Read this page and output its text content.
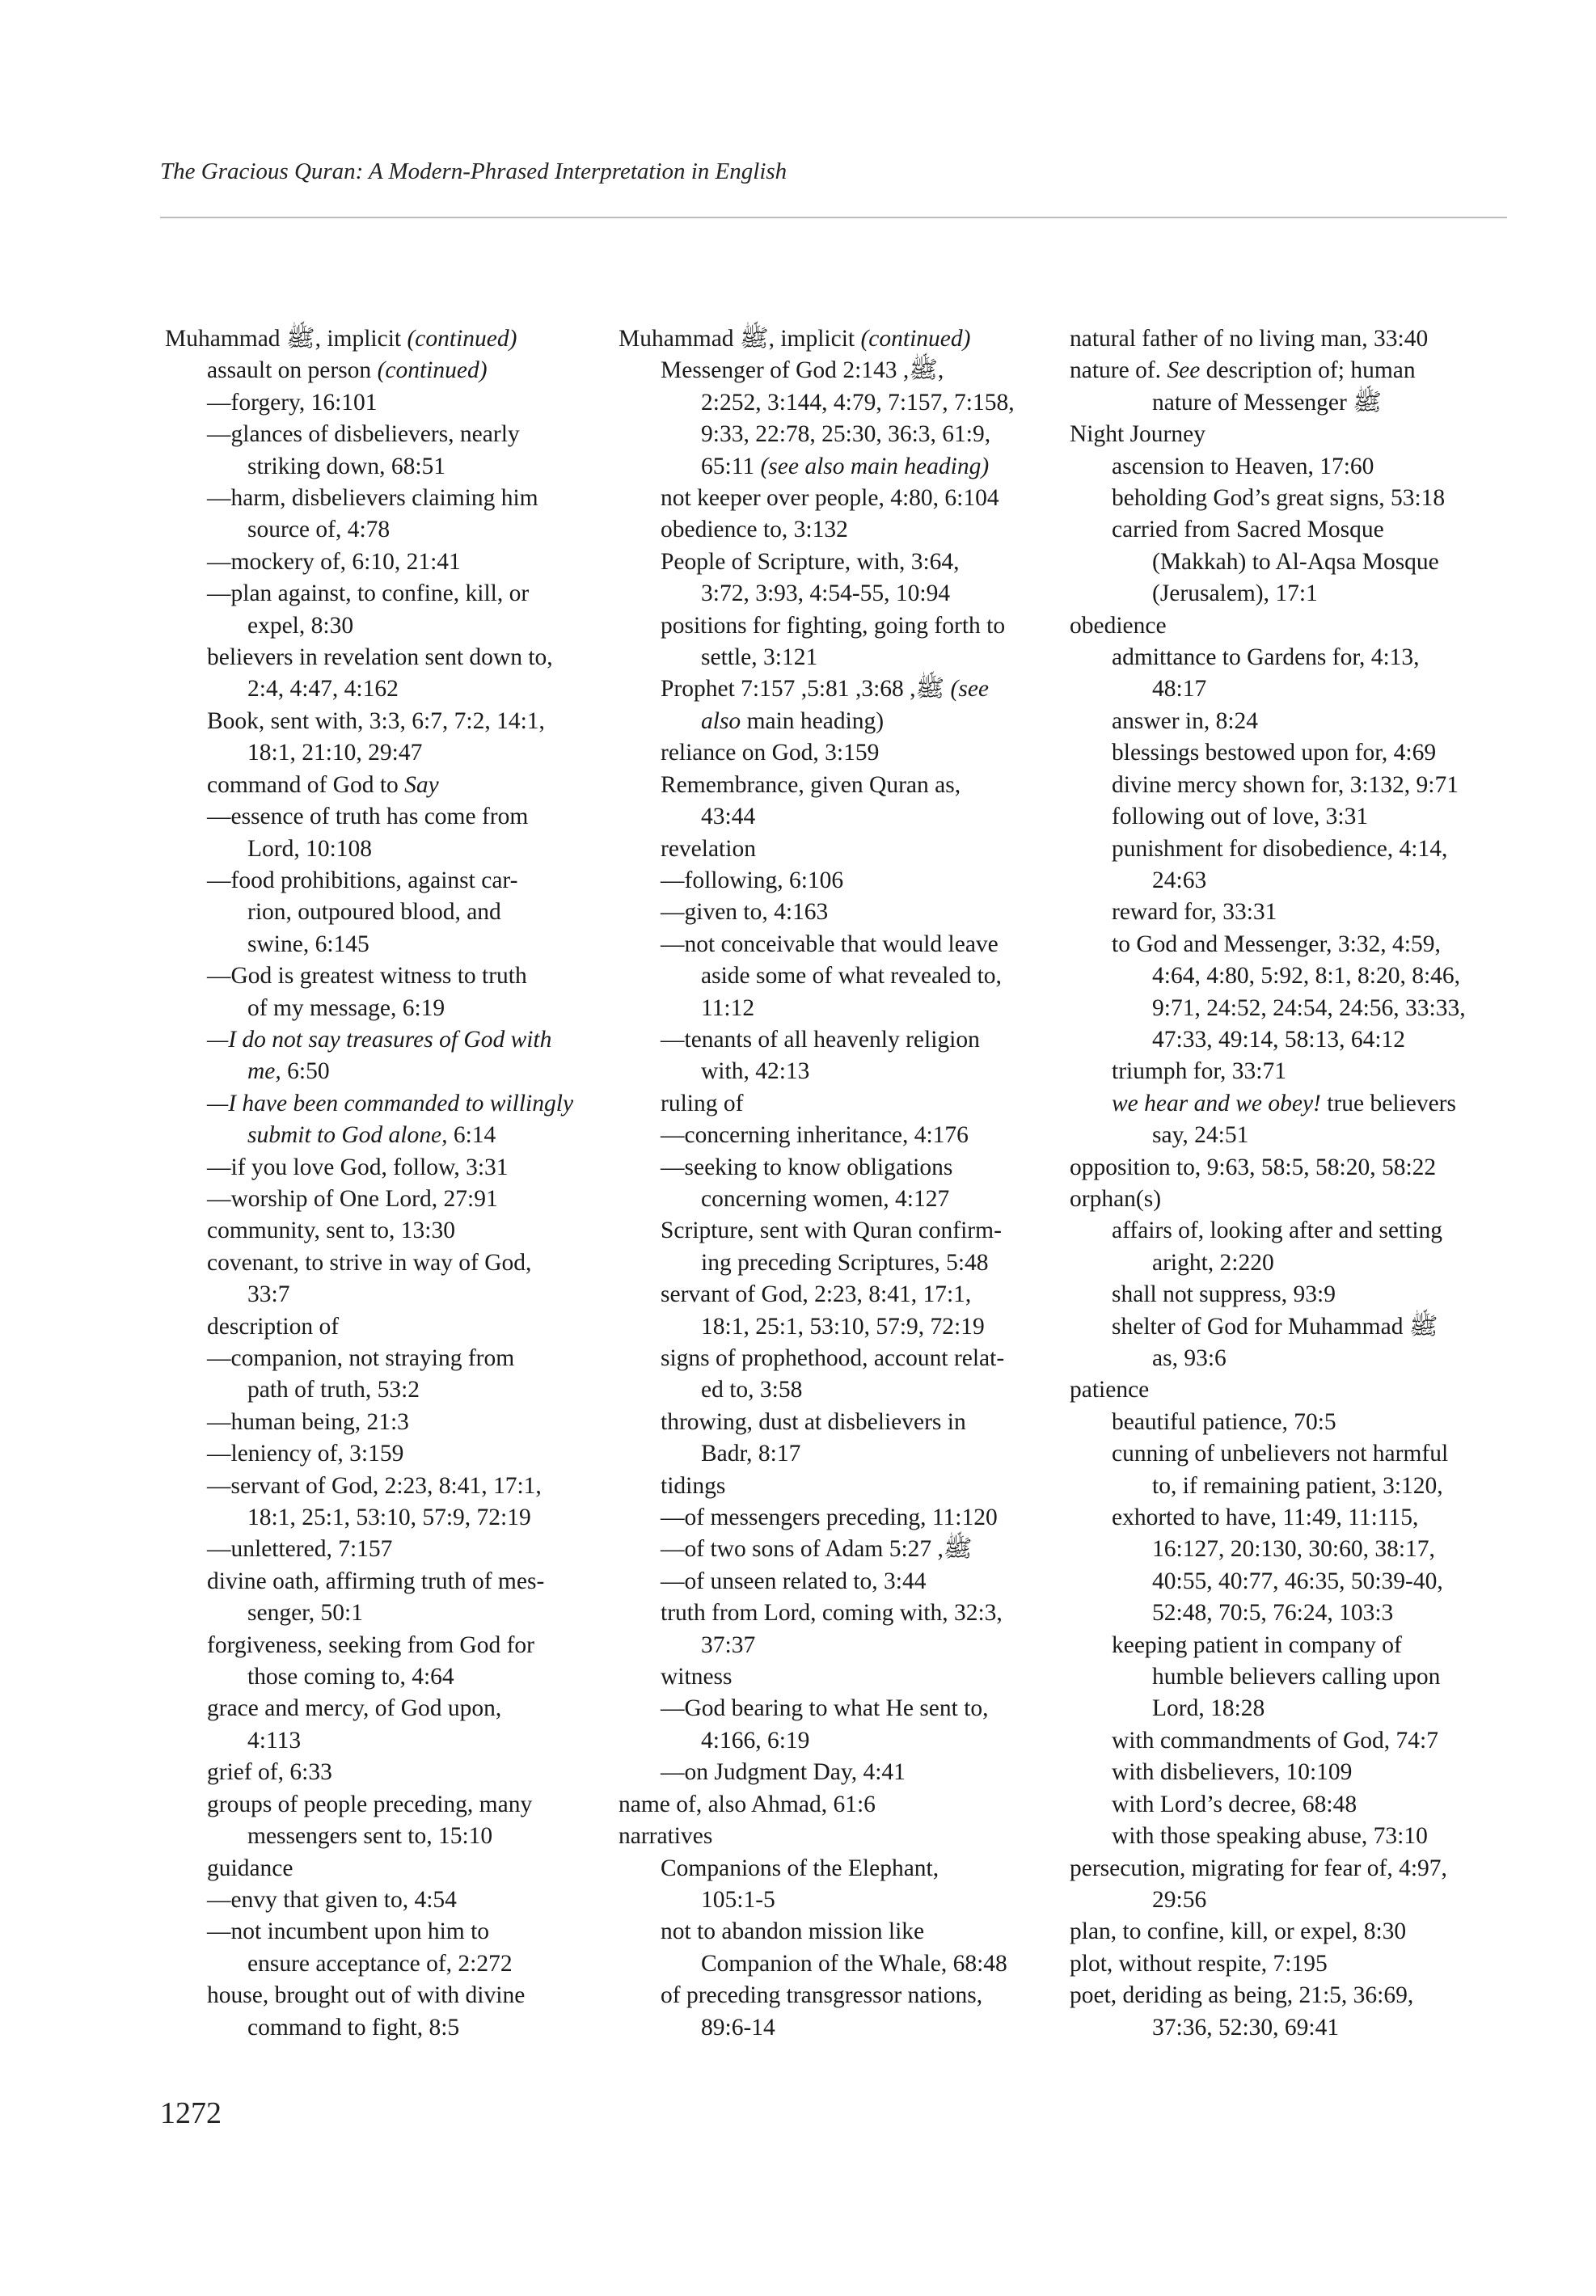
The Gracious Quran: A Modern-Phrased Interpretation in English

Muhammad ﷺ, implicit (continued)

assault on person (continued)

—forgery, 16:101

—glances of disbelievers, nearly

striking down, 68:51

—harm, disbelievers claiming him

source of, 4:78

—mockery of, 6:10, 21:41

—plan against, to confine, kill, or

expel, 8:30

believers in revelation sent down to,

2:4, 4:47, 4:162

Book, sent with, 3:3, 6:7, 7:2, 14:1,

18:1, 21:10, 29:47

command of God to Say

—essence of truth has come from

Lord, 10:108

—food prohibitions, against car-

rion, outpoured blood, and

swine, 6:145

—God is greatest witness to truth

of my message, 6:19

—I do not say treasures of God with

me, 6:50

—I have been commanded to willingly

submit to God alone, 6:14

—if you love God, follow, 3:31

—worship of One Lord, 27:91

community, sent to, 13:30

covenant, to strive in way of God,

33:7

description of

—companion, not straying from

path of truth, 53:2

—human being, 21:3

—leniency of, 3:159

—servant of God, 2:23, 8:41, 17:1,

18:1, 25:1, 53:10, 57:9, 72:19

—unlettered, 7:157

divine oath, affirming truth of mes-

senger, 50:1

forgiveness, seeking from God for

those coming to, 4:64

grace and mercy, of God upon,

4:113

grief of, 6:33

groups of people preceding, many

messengers sent to, 15:10

guidance

—envy that given to, 4:54

—not incumbent upon him to

ensure acceptance of, 2:272

house, brought out of with divine

command to fight, 8:5

Muhammad ﷺ, implicit (continued)

Messenger of God ﷺ, 2:143,

2:252, 3:144, 4:79, 7:157, 7:158,

9:33, 22:78, 25:30, 36:3, 61:9,

65:11 (see also main heading)

not keeper over people, 4:80, 6:104

obedience to, 3:132

People of Scripture, with, 3:64,

3:72, 3:93, 4:54-55, 10:94

positions for fighting, going forth to

settle, 3:121

Prophet ﷺ, 3:68, 5:81, 7:157 (see

also main heading)

reliance on God, 3:159

Remembrance, given Quran as,

43:44

revelation

—following, 6:106

—given to, 4:163

—not conceivable that would leave

aside some of what revealed to,

11:12

—tenants of all heavenly religion

with, 42:13

ruling of

—concerning inheritance, 4:176

—seeking to know obligations

concerning women, 4:127

Scripture, sent with Quran confirm-

ing preceding Scriptures, 5:48

servant of God, 2:23, 8:41, 17:1,

18:1, 25:1, 53:10, 57:9, 72:19

signs of prophethood, account relat-

ed to, 3:58

throwing, dust at disbelievers in

Badr, 8:17

tidings

—of messengers preceding, 11:120

—of two sons of Adam ﷺ, 5:27

—of unseen related to, 3:44

truth from Lord, coming with, 32:3,

37:37

witness

—God bearing to what He sent to,

4:166, 6:19

—on Judgment Day, 4:41

name of, also Ahmad, 61:6

narratives

Companions of the Elephant,

105:1-5

not to abandon mission like

Companion of the Whale, 68:48

of preceding transgressor nations,

89:6-14

natural father of no living man, 33:40

nature of. See description of; human

nature of Messenger ﷺ

Night Journey

ascension to Heaven, 17:60

beholding God’s great signs, 53:18

carried from Sacred Mosque

(Makkah) to Al-Aqsa Mosque

(Jerusalem), 17:1

obedience

admittance to Gardens for, 4:13,

48:17

answer in, 8:24

blessings bestowed upon for, 4:69

divine mercy shown for, 3:132, 9:71

following out of love, 3:31

punishment for disobedience, 4:14,

24:63

reward for, 33:31

to God and Messenger, 3:32, 4:59,

4:64, 4:80, 5:92, 8:1, 8:20, 8:46,

9:71, 24:52, 24:54, 24:56, 33:33,

47:33, 49:14, 58:13, 64:12

triumph for, 33:71

we hear and we obey! true believers

say, 24:51

opposition to, 9:63, 58:5, 58:20, 58:22

orphan(s)

affairs of, looking after and setting

aright, 2:220

shall not suppress, 93:9

shelter of God for Muhammad ﷺ

as, 93:6

patience

beautiful patience, 70:5

cunning of unbelievers not harmful

to, if remaining patient, 3:120,

exhorted to have, 11:49, 11:115,

16:127, 20:130, 30:60, 38:17,

40:55, 40:77, 46:35, 50:39-40,

52:48, 70:5, 76:24, 103:3

keeping patient in company of

humble believers calling upon

Lord, 18:28

with commandments of God, 74:7

with disbelievers, 10:109

with Lord’s decree, 68:48

with those speaking abuse, 73:10

persecution, migrating for fear of, 4:97,

29:56

plan, to confine, kill, or expel, 8:30

plot, without respite, 7:195

poet, deriding as being, 21:5, 36:69,

37:36, 52:30, 69:41

1272
